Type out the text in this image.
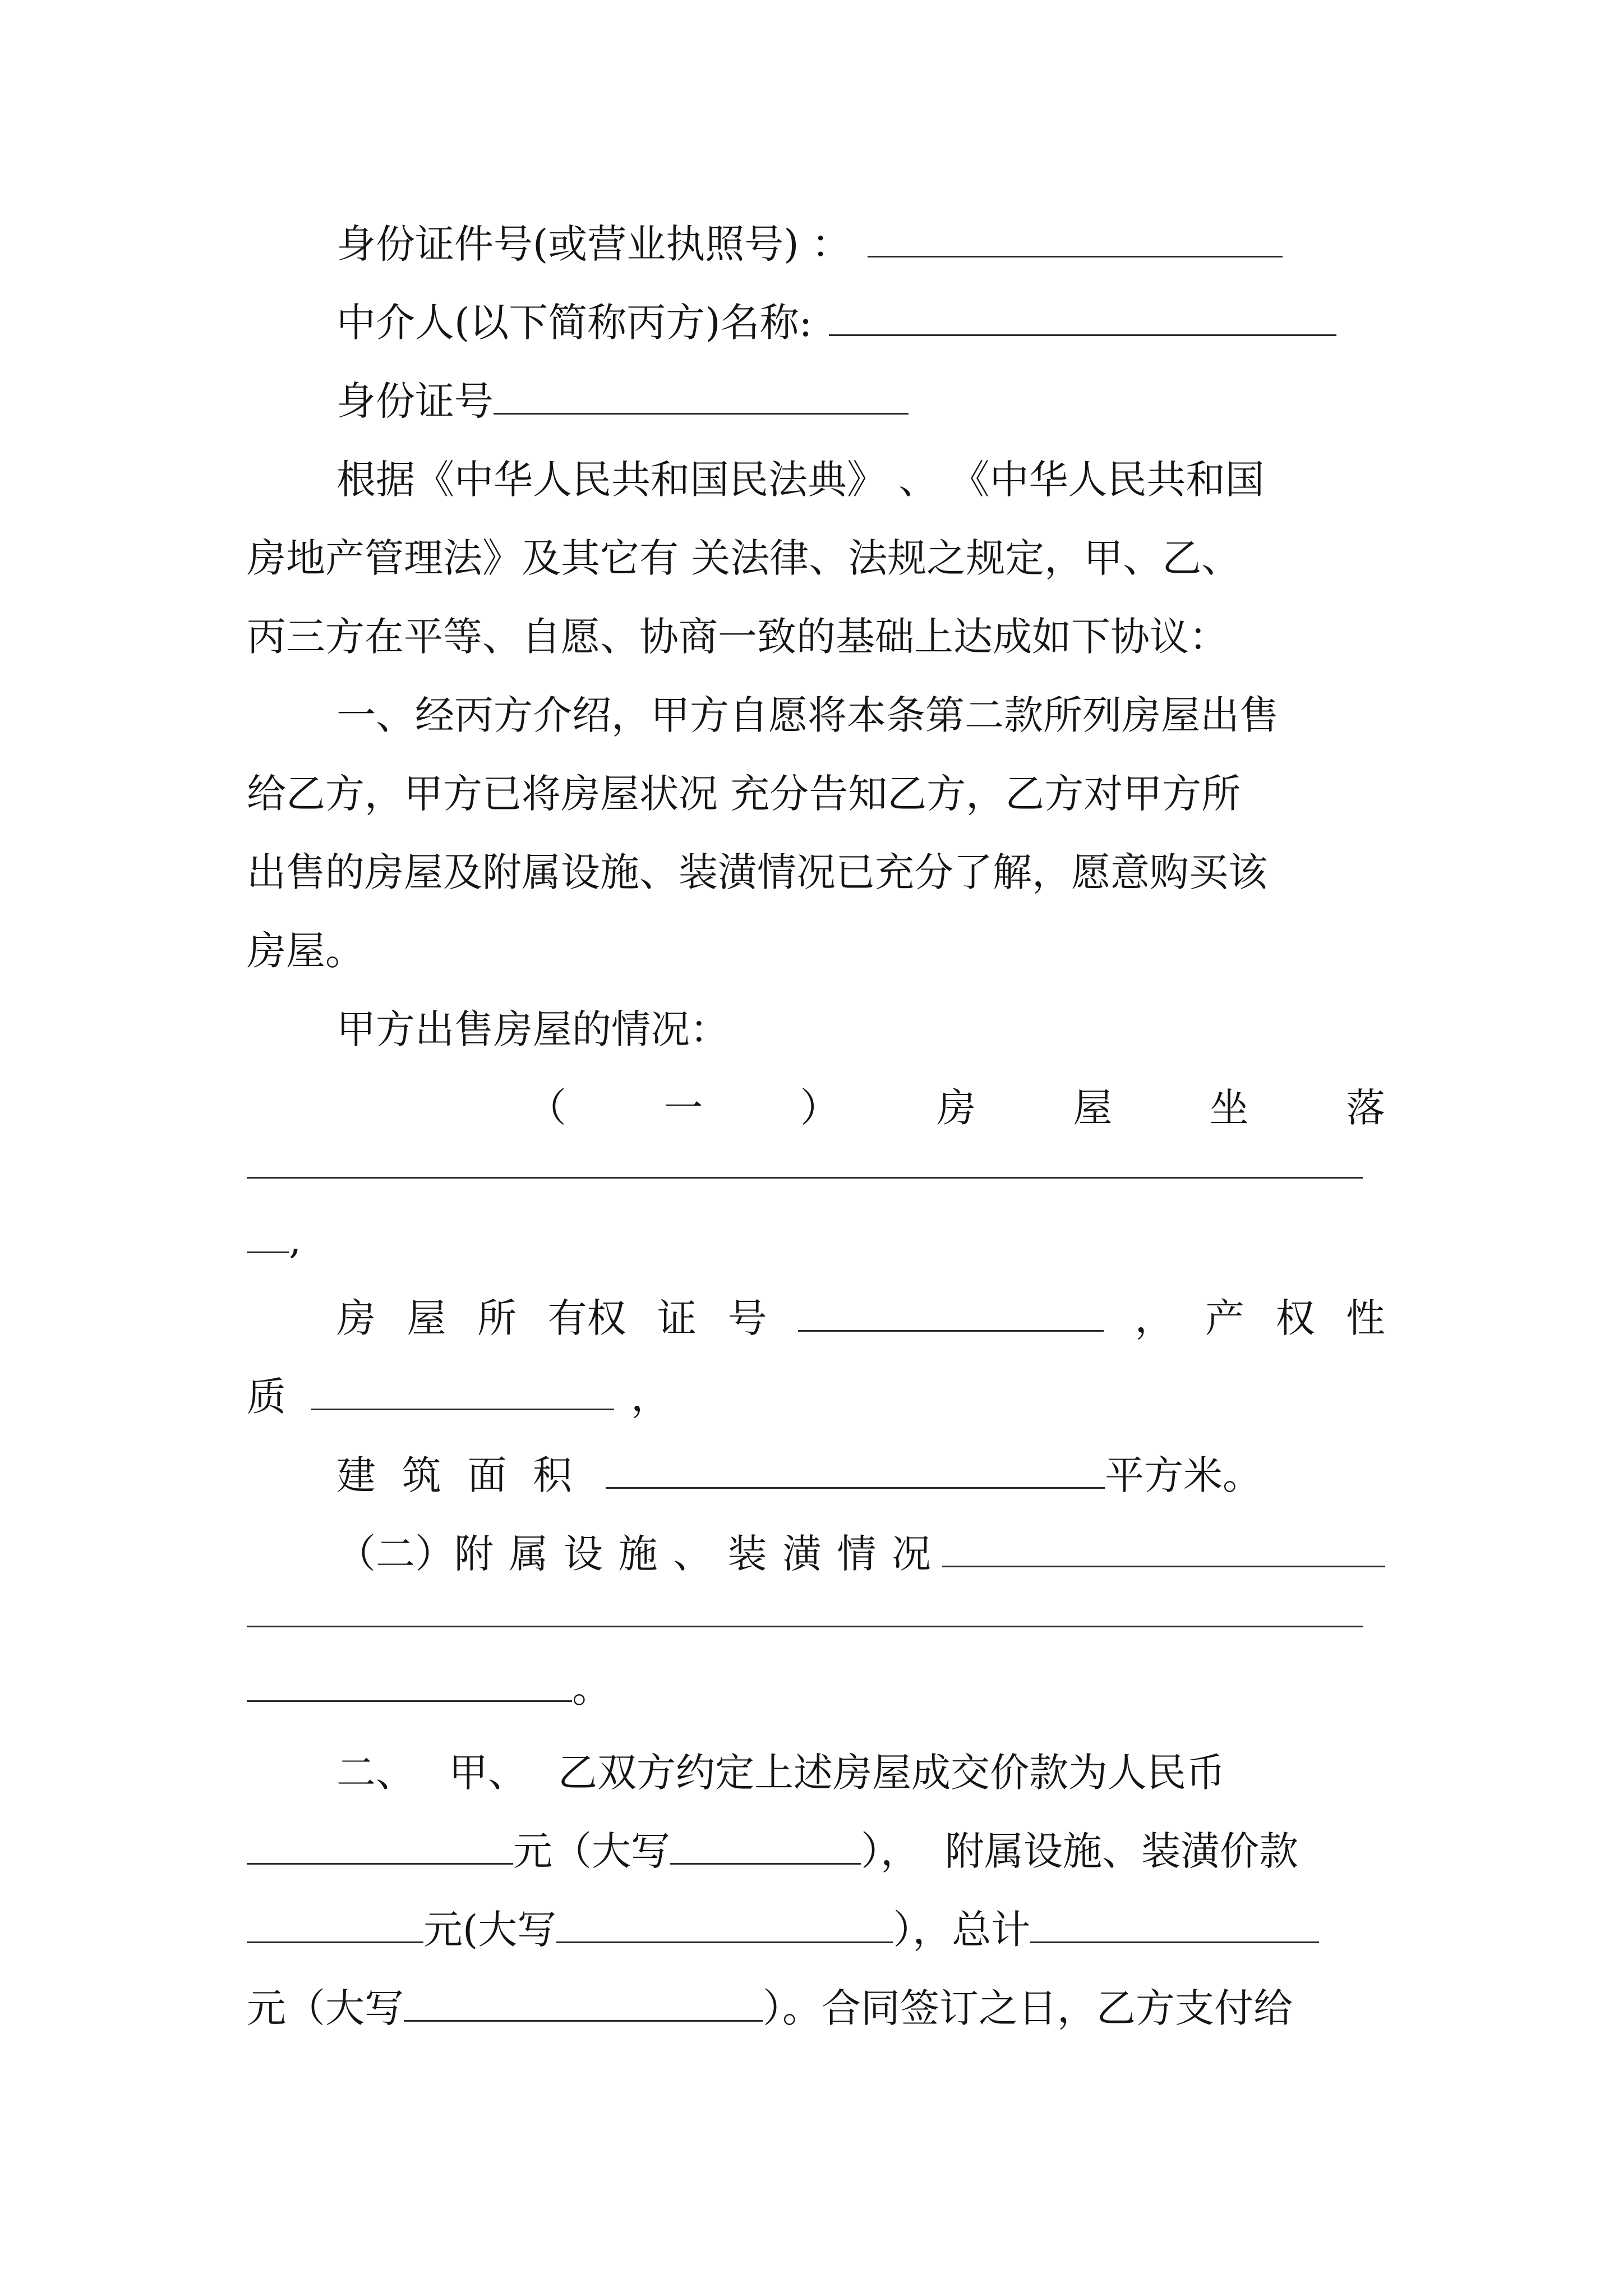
身份证件号(或营业执照号) ：
中介人(以下简称丙方)名称:
身份证号
根据《中华人民共和国民法典》 、 《中华人民共和国
房地产管理法》及其它有 关法律、法规之规定，甲、乙、
丙三方在平等、自愿、协商一致的基础上达成如下协议：
一、经丙方介绍，甲方自愿将本条第二款所列房屋出售
给乙方，甲方已将房屋状况 充分告知乙方，乙方对甲方所
出售的房屋及附属设施、装潢情况已充分了解，愿意购买该
房屋。
甲方出售房屋的情况：
（ 一 ） 房 屋 坐 落
,
房 屋 所 有权 证 号	， 产 权 性
质	，
建 筑 面 积	平方米。
（二）附 属 设 施 、 装 潢 情 况
。
二、 甲、 乙双方约定上述房屋成交价款为人民币
元（大写	）， 附属设施、装潢价款
元(大写	），总计
元（大写	）。合同签订之日，乙方支付给
